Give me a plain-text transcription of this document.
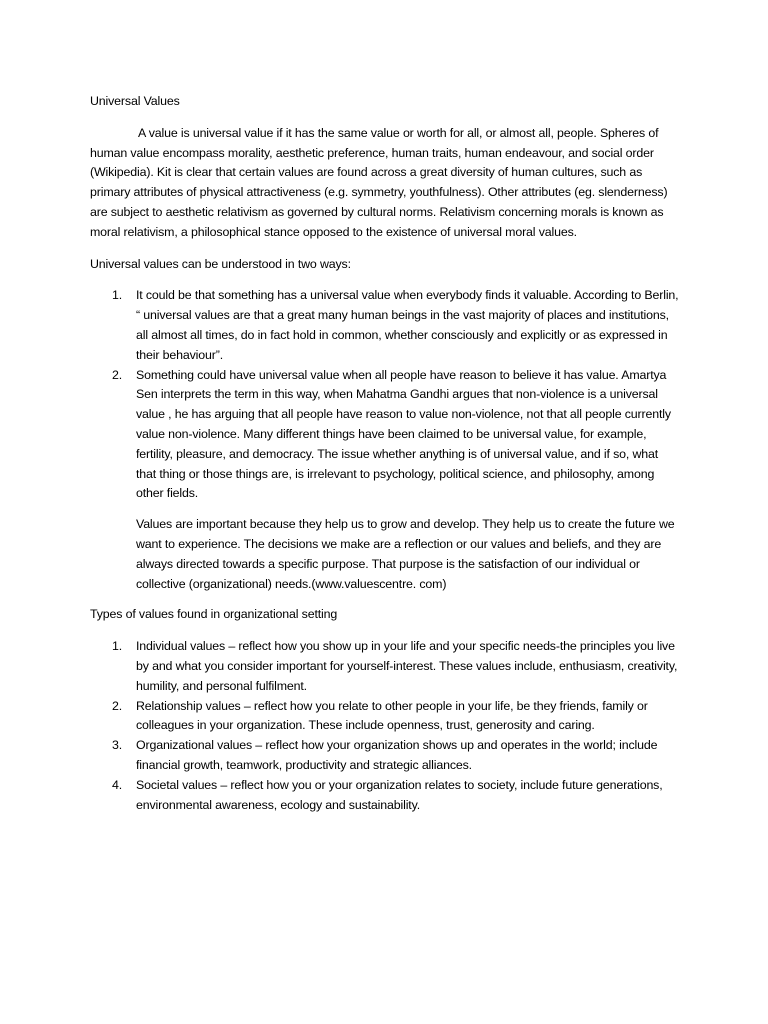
Universal Values

A value is universal value if it has the same value or worth for all, or almost all, people. Spheres of human value encompass morality, aesthetic preference, human traits, human endeavour, and social order (Wikipedia). Kit is clear that certain values are found across a great diversity of human cultures, such as primary attributes of physical attractiveness (e.g. symmetry, youthfulness). Other attributes (eg. slenderness) are subject to aesthetic relativism as governed by cultural norms. Relativism concerning morals is known as moral relativism, a philosophical stance opposed to the existence of universal moral values.

Universal values can be understood in two ways:

1. It could be that something has a universal value when everybody finds it valuable. According to Berlin, “ universal values are that a great many human beings in the vast majority of places and institutions, all almost all times, do in fact hold in common, whether consciously and explicitly or as expressed in their behaviour”.
2. Something could have universal value when all people have reason to believe it has value. Amartya Sen interprets the term in this way, when Mahatma Gandhi argues that non-violence is a universal value , he has arguing that all people have reason to value non-violence, not that all people currently value non-violence. Many different things have been claimed to be universal value, for example, fertility, pleasure, and democracy. The issue whether anything is of universal value, and if so, what that thing or those things are, is irrelevant to psychology, political science, and philosophy, among other fields.

Values are important because they help us to grow and develop. They help us to create the future we want to experience. The decisions we make are a reflection or our values and beliefs, and they are always directed towards a specific purpose. That purpose is the satisfaction of our individual or collective (organizational) needs.(www.valuescentre. com)

Types of values found in organizational setting

1. Individual values – reflect how you show up in your life and your specific needs-the principles you live by and what you consider important for yourself-interest. These values include, enthusiasm, creativity, humility, and personal fulfilment.
2. Relationship values – reflect how you relate to other people in your life, be they friends, family or colleagues in your organization. These include openness, trust, generosity and caring.
3. Organizational values – reflect how your organization shows up and operates in the world; include financial growth, teamwork, productivity and strategic alliances.
4. Societal values – reflect how you or your organization relates to society, include future generations, environmental awareness, ecology and sustainability.
